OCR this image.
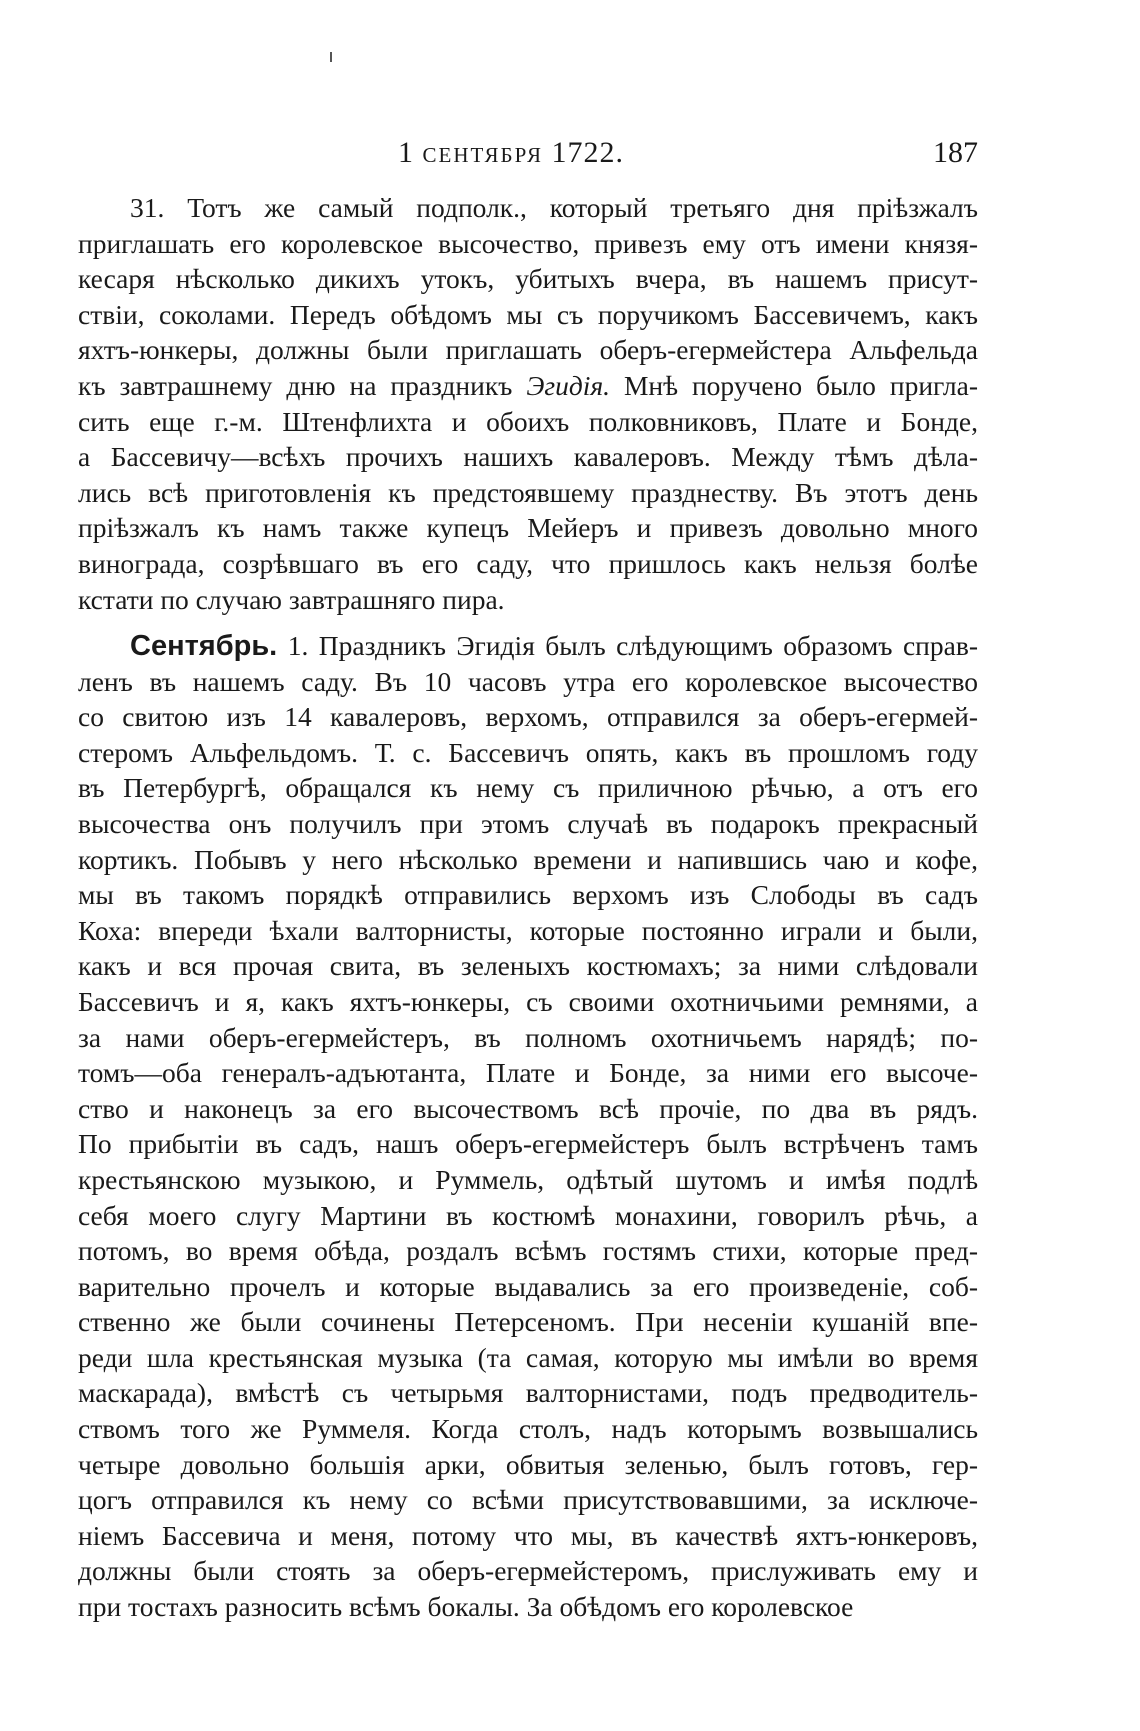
1 сентября 1722.	187
31. Тотъ же самый подполк., который третьяго дня пріѣзжалъ
приглашать его королевское высочество, привезъ ему отъ имени князя-
кесаря нѣсколько дикихъ утокъ, убитыхъ вчера, въ нашемъ присут-
ствіи, соколами. Передъ обѣдомъ мы съ поручикомъ Бассевичемъ, какъ
яхтъ-юнкеры, должны были приглашать оберъ-егермейстера Альфельда
къ завтрашнему дню на праздникъ Эгидія. Мнѣ поручено было пригла-
сить еще г.-м. Штенфлихта и обоихъ полковниковъ, Плате и Бонде,
а Бассевичу—всѣхъ прочихъ нашихъ кавалеровъ. Между тѣмъ дѣла-
лись всѣ приготовленія къ предстоявшему празднеству. Въ этотъ день
пріѣзжалъ къ намъ также купецъ Мейеръ и привезъ довольно много
винограда, созрѣвшаго въ его саду, что пришлось какъ нельзя болѣе
кстати по случаю завтрашняго пира.
Сентябрь. 1. Праздникъ Эгидія былъ слѣдующимъ образомъ справ-
ленъ въ нашемъ саду. Въ 10 часовъ утра его королевское высочество
со свитою изъ 14 кавалеровъ, верхомъ, отправился за оберъ-егермей-
стеромъ Альфельдомъ. Т. с. Бассевичъ опять, какъ въ прошломъ году
въ Петербургѣ, обращался къ нему съ приличною рѣчью, а отъ его
высочества онъ получилъ при этомъ случаѣ въ подарокъ прекрасный
кортикъ. Побывъ у него нѣсколько времени и напившись чаю и кофе,
мы въ такомъ порядкѣ отправились верхомъ изъ Слободы въ садъ
Коха: впереди ѣхали валторнисты, которые постоянно играли и были,
какъ и вся прочая свита, въ зеленыхъ костюмахъ; за ними слѣдовали
Бассевичъ и я, какъ яхтъ-юнкеры, съ своими охотничьими ремнями, а
за нами оберъ-егермейстеръ, въ полномъ охотничьемъ нарядѣ; по-
томъ—оба генералъ-адъютанта, Плате и Бонде, за ними его высоче-
ство и наконецъ за его высочествомъ всѣ прочіе, по два въ рядъ.
По прибытіи въ садъ, нашъ оберъ-егермейстеръ былъ встрѣченъ тамъ
крестьянскою музыкою, и Руммель, одѣтый шутомъ и имѣя подлѣ
себя моего слугу Мартини въ костюмѣ монахини, говорилъ рѣчь, а
потомъ, во время обѣда, роздалъ всѣмъ гостямъ стихи, которые пред-
варительно прочелъ и которые выдавались за его произведеніе, соб-
ственно же были сочинены Петерсеномъ. При несеніи кушаній впе-
реди шла крестьянская музыка (та самая, которую мы имѣли во время
маскарада), вмѣстѣ съ четырьмя валторнистами, подъ предводитель-
ствомъ того же Руммеля. Когда столъ, надъ которымъ возвышались
четыре довольно большія арки, обвитыя зеленью, былъ готовъ, гер-
цогъ отправился къ нему со всѣми присутствовавшими, за исключе-
ніемъ Бассевича и меня, потому что мы, въ качествѣ яхтъ-юнкеровъ,
должны были стоять за оберъ-егермейстеромъ, прислуживать ему и
при тостахъ разносить всѣмъ бокалы. За обѣдомъ его королевское
